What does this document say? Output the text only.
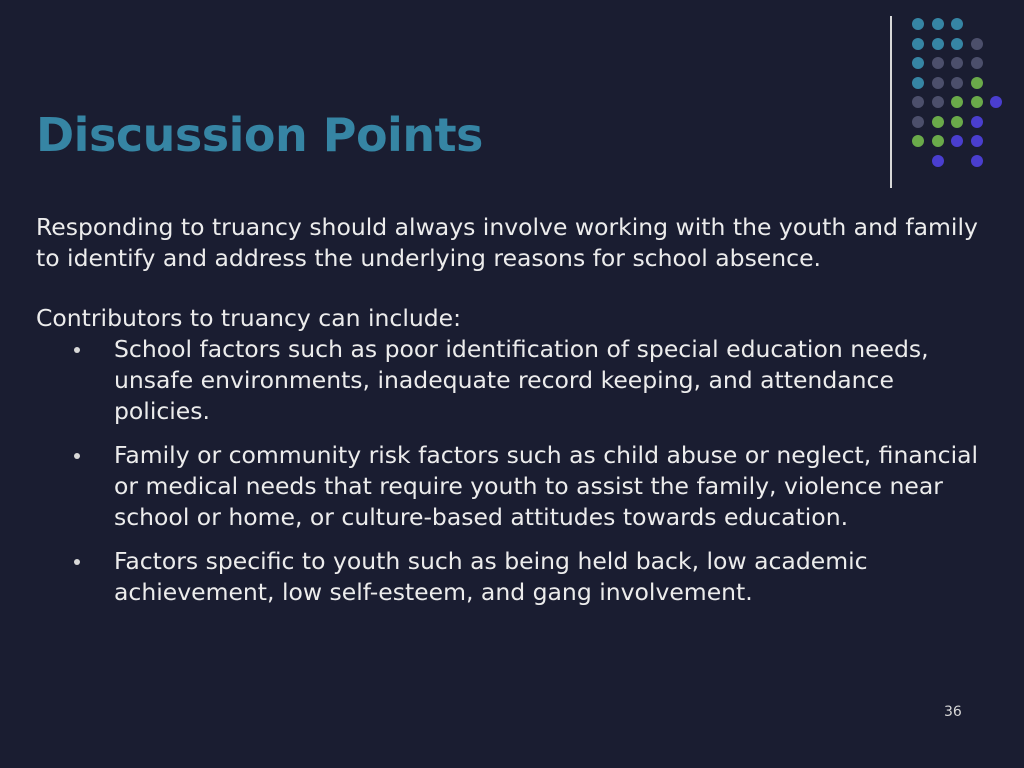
Discussion Points

Responding to truancy should always involve working with the youth and family to identify and address the underlying reasons for school absence.

Contributors to truancy can include:

School factors such as poor identification of special education needs, unsafe environments, inadequate record keeping, and attendance policies.
Family or community risk factors such as child abuse or neglect, financial or medical needs that require youth to assist the family, violence near school or home, or culture-based attitudes towards education.
Factors specific to youth such as being held back, low academic achievement, low self-esteem, and gang involvement.
36
